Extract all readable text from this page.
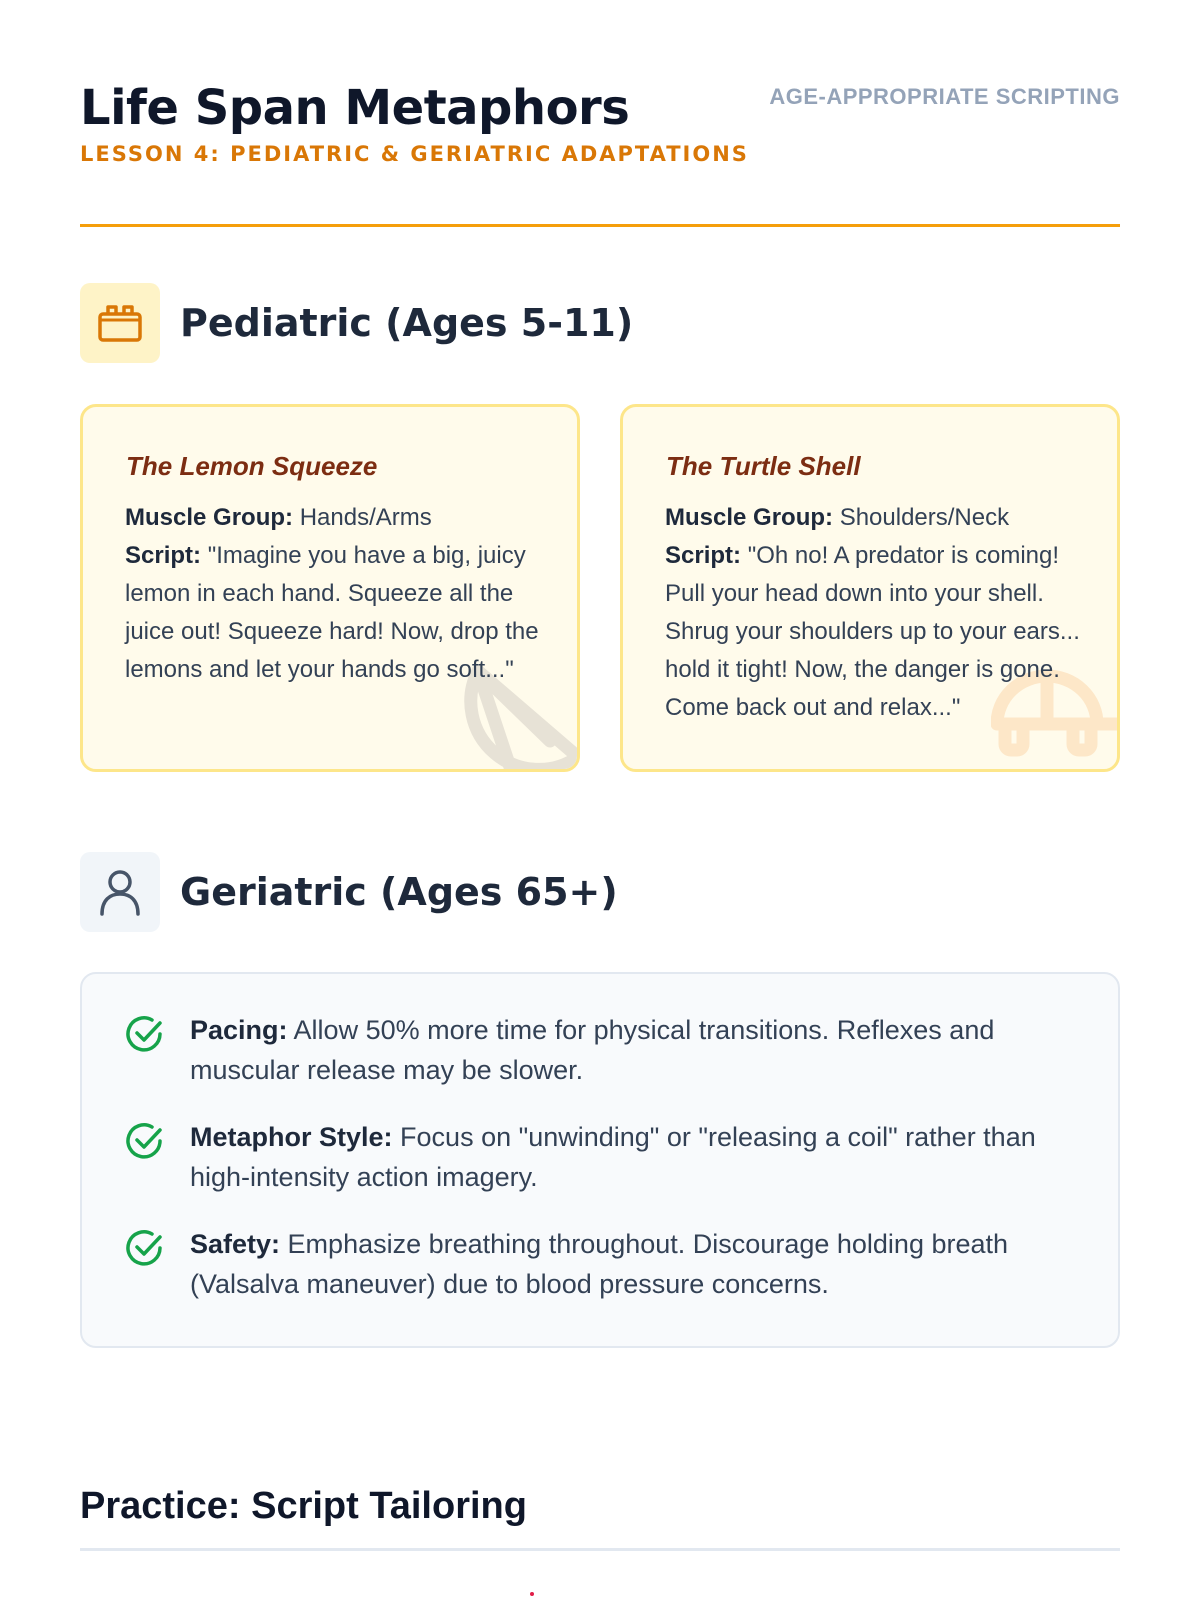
Life Span Metaphors
LESSON 4: PEDIATRIC & GERIATRIC ADAPTATIONS
AGE-APPROPRIATE SCRIPTING
Pediatric (Ages 5-11)
The Lemon Squeeze

Muscle Group: Hands/Arms

Script: "Imagine you have a big, juicy lemon in each hand. Squeeze all the juice out! Squeeze hard! Now, drop the lemons and let your hands go soft..."

The Turtle Shell

Muscle Group: Shoulders/Neck

Script: "Oh no! A predator is coming! Pull your head down into your shell. Shrug your shoulders up to your ears... hold it tight! Now, the danger is gone. Come back out and relax..."

Geriatric (Ages 65+)

Pacing: Allow 50% more time for physical transitions. Reflexes and muscular release may be slower.

Metaphor Style: Focus on "unwinding" or "releasing a coil" rather than high-intensity action imagery.

Safety: Emphasize breathing throughout. Discourage holding breath (Valsalva maneuver) due to blood pressure concerns.

Practice: Script Tailoring
